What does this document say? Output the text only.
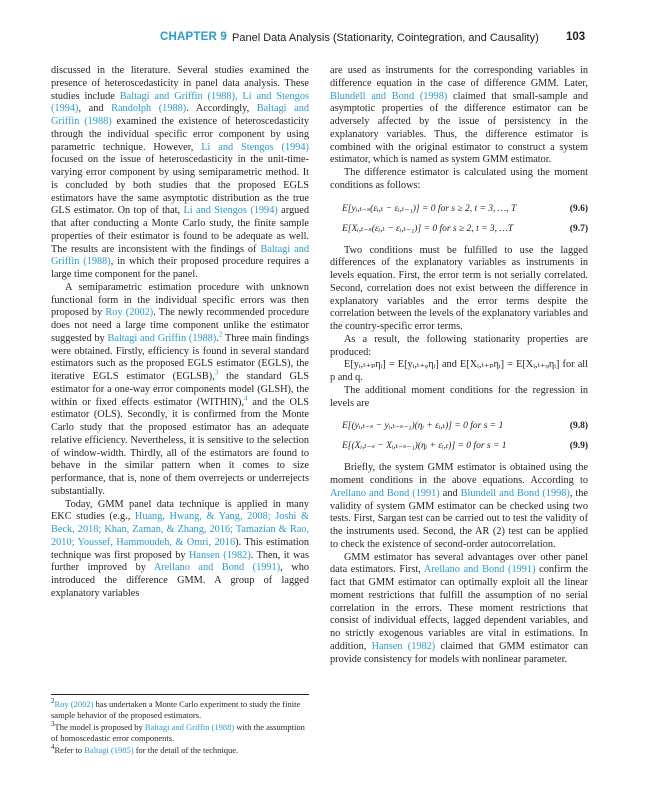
CHAPTER 9 Panel Data Analysis (Stationarity, Cointegration, and Causality) 103

discussed in the literature. Several studies examined the presence of heteroscedasticity in panel data analysis. These studies include Baltagi and Griffin (1988), Li and Stengos (1994), and Randolph (1988). Accordingly, Baltagi and Griffin (1988) examined the existence of heteroscedasticity through the individual specific error component by using parametric technique. However, Li and Stengos (1994) focused on the issue of heteroscedasticity in the unit-time-varying error component by using semiparametric method. It is concluded by both studies that the proposed EGLS estimators have the same asymptotic distribution as the true GLS estimator. On top of that, Li and Stengos (1994) argued that after conducting a Monte Carlo study, the finite sample properties of their estimator is found to be adequate as well. The results are inconsistent with the findings of Baltagi and Griffin (1988), in which their proposed procedure requires a large time component for the panel.

A semiparametric estimation procedure with unknown functional form in the individual specific errors was then proposed by Roy (2002). The newly recommended procedure does not need a large time component unlike the estimator suggested by Baltagi and Griffin (1988).$^2$ Three main findings were obtained. Firstly, efficiency is found in several standard estimators such as the proposed EGLS estimator (EGLS), the iterative EGLS estimator (EGLSB),$^3$ the standard GLS estimator for a one-way error components model (GLSH), the within or fixed effects estimator (WITHIN),$^4$ and the OLS estimator (OLS). Secondly, it is confirmed from the Monte Carlo study that the proposed estimator has an adequate relative efficiency. Nevertheless, it is sensitive to the selection of window-width. Thirdly, all of the estimators are found to behave in the similar pattern when it comes to size performance, that is, none of them overrejects or underrejects substantially.

Today, GMM panel data technique is applied in many EKC studies (e.g., Huang, Hwang, & Yang, 2008; Joshi & Beck, 2018; Khan, Zaman, & Zhang, 2016; Tamazian & Rao, 2010; Youssef, Hammoudeh, & Omri, 2016). This estimation technique was first proposed by Hansen (1982). Then, it was further improved by Arellano and Bond (1991), who introduced the difference GMM. A group of lagged explanatory variables

$^2$Roy (2002) has undertaken a Monte Carlo experiment to study the finite sample behavior of the proposed estimators.

$^3$The model is proposed by Baltagi and Griffin (1988) with the assumption of homoscedastic error components.

$^4$Refer to Baltagi (1985) for the detail of the technique.

are used as instruments for the corresponding variables in difference equation in the case of difference GMM. Later, Blundell and Bond (1998) claimed that small-sample and asymptotic properties of the difference estimator can be adversely affected by the issue of persistency in the explanatory variables. Thus, the difference estimator is combined with the original estimator to construct a system estimator, which is named as system GMM estimator.

The difference estimator is calculated using the moment conditions as follows:

E[yᵢ,ₜ₋ₛ(εᵢ,ₜ − εᵢ,ₜ₋₁)] = 0 for s ≥ 2, t = 3, …, T	(9.6)
E[Xᵢ,ₜ₋ₛ(εᵢ,ₜ − εᵢ,ₜ₋₁)] = 0 for s ≥ 2, t = 3, …T	(9.7)

Two conditions must be fulfilled to use the lagged differences of the explanatory variables as instruments in levels equation. First, the error term is not serially correlated. Second, correlation does not exist between the difference in explanatory variables and the error terms despite the correlation between the levels of the explanatory variables and the country-specific error terms.

As a result, the following stationarity properties are produced:

E[yᵢ,ₜ₊ₚηᵢ] = E[yᵢ,ₜ₊ᵩηᵢ] and E[Xᵢ,ₜ₊ₚηᵢ] = E[Xᵢ,ₜ₊ᵩηᵢ] for all p and q.

The additional moment conditions for the regression in levels are

E[(yᵢ,ₜ₋ₛ − yᵢ,ₜ₋ₛ₋₁)(ηᵢ + εᵢ,ₜ)] = 0 for s = 1	(9.8)
E[(Xᵢ,ₜ₋ₛ − Xᵢ,ₜ₋ₛ₋₁)(ηᵢ + εᵢ,ₜ)] = 0 for s = 1	(9.9)

Briefly, the system GMM estimator is obtained using the moment conditions in the above equations. According to Arellano and Bond (1991) and Blundell and Bond (1998), the validity of system GMM estimator can be checked using two tests. First, Sargan test can be carried out to test the validity of the instruments used. Second, the AR (2) test can be applied to check the existence of second-order autocorrelation.

GMM estimator has several advantages over other panel data estimators. First, Arellano and Bond (1991) confirm the fact that GMM estimator can optimally exploit all the linear moment restrictions that fulfill the assumption of no serial correlation in the errors. These moment restrictions that consist of individual effects, lagged dependent variables, and no strictly exogenous variables are vital in estimations. In addition, Hansen (1982) claimed that GMM estimator can provide consistency for models with nonlinear parameter.
